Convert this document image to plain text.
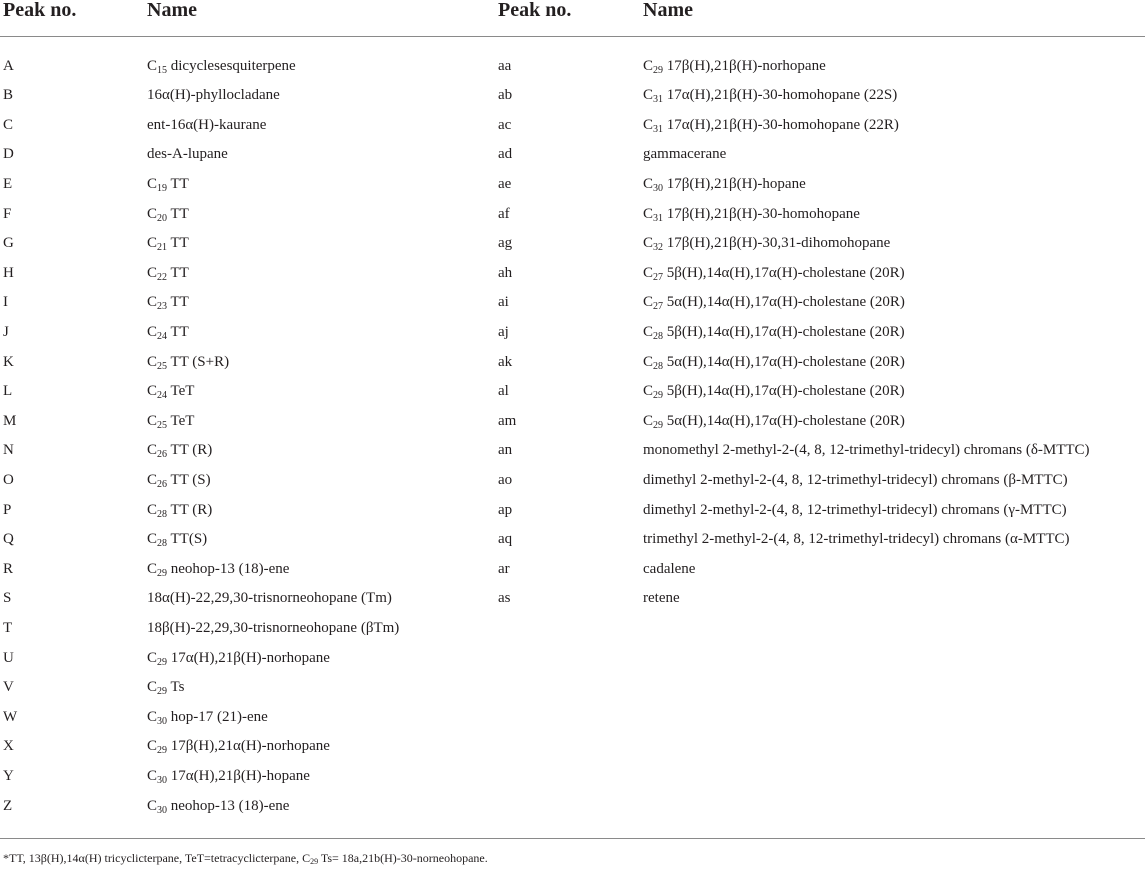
Peak no.	Name	Peak no.	Name
A	$C_{15}$ dicyclesesquiterpene	aa	$C_{29}$ 17β(H),21β(H)-norhopane
B	16α(H)-phyllocladane	ab	$C_{31}$ 17α(H),21β(H)-30-homohopane (22S)
C	ent-16α(H)-kaurane	ac	$C_{31}$ 17α(H),21β(H)-30-homohopane (22R)
D	des-A-lupane	ad	gammacerane
E	$C_{19}$ TT	ae	$C_{30}$ 17β(H),21β(H)-hopane
F	$C_{20}$ TT	af	$C_{31}$ 17β(H),21β(H)-30-homohopane
G	$C_{21}$ TT	ag	$C_{32}$ 17β(H),21β(H)-30,31-dihomohopane
H	$C_{22}$ TT	ah	$C_{27}$ 5β(H),14α(H),17α(H)-cholestane (20R)
I	$C_{23}$ TT	ai	$C_{27}$ 5α(H),14α(H),17α(H)-cholestane (20R)
J	$C_{24}$ TT	aj	$C_{28}$ 5β(H),14α(H),17α(H)-cholestane (20R)
K	$C_{25}$ TT (S+R)	ak	$C_{28}$ 5α(H),14α(H),17α(H)-cholestane (20R)
L	$C_{24}$ TeT	al	$C_{29}$ 5β(H),14α(H),17α(H)-cholestane (20R)
M	$C_{25}$ TeT	am	$C_{29}$ 5α(H),14α(H),17α(H)-cholestane (20R)
N	$C_{26}$ TT (R)	an	monomethyl 2-methyl-2-(4, 8, 12-trimethyl-tridecyl) chromans (δ-MTTC)
O	$C_{26}$ TT (S)	ao	dimethyl 2-methyl-2-(4, 8, 12-trimethyl-tridecyl) chromans (β-MTTC)
P	$C_{28}$ TT (R)	ap	dimethyl 2-methyl-2-(4, 8, 12-trimethyl-tridecyl) chromans (γ-MTTC)
Q	$C_{28}$ TT(S)	aq	trimethyl 2-methyl-2-(4, 8, 12-trimethyl-tridecyl) chromans (α-MTTC)
R	$C_{29}$ neohop-13 (18)-ene	ar	cadalene
S	18α(H)-22,29,30-trisnorneohopane (Tm)	as	retene
T	18β(H)-22,29,30-trisnorneohopane (βTm)
U	$C_{29}$ 17α(H),21β(H)-norhopane
V	$C_{29}$ Ts
W	$C_{30}$ hop-17 (21)-ene
X	$C_{29}$ 17β(H),21α(H)-norhopane
Y	$C_{30}$ 17α(H),21β(H)-hopane
Z	$C_{30}$ neohop-13 (18)-ene
*TT, 13β(H),14α(H) tricyclicterpane, TeT=tetracyclicterpane, $C_{29}$ Ts= 18a,21b(H)-30-norneohopane.
